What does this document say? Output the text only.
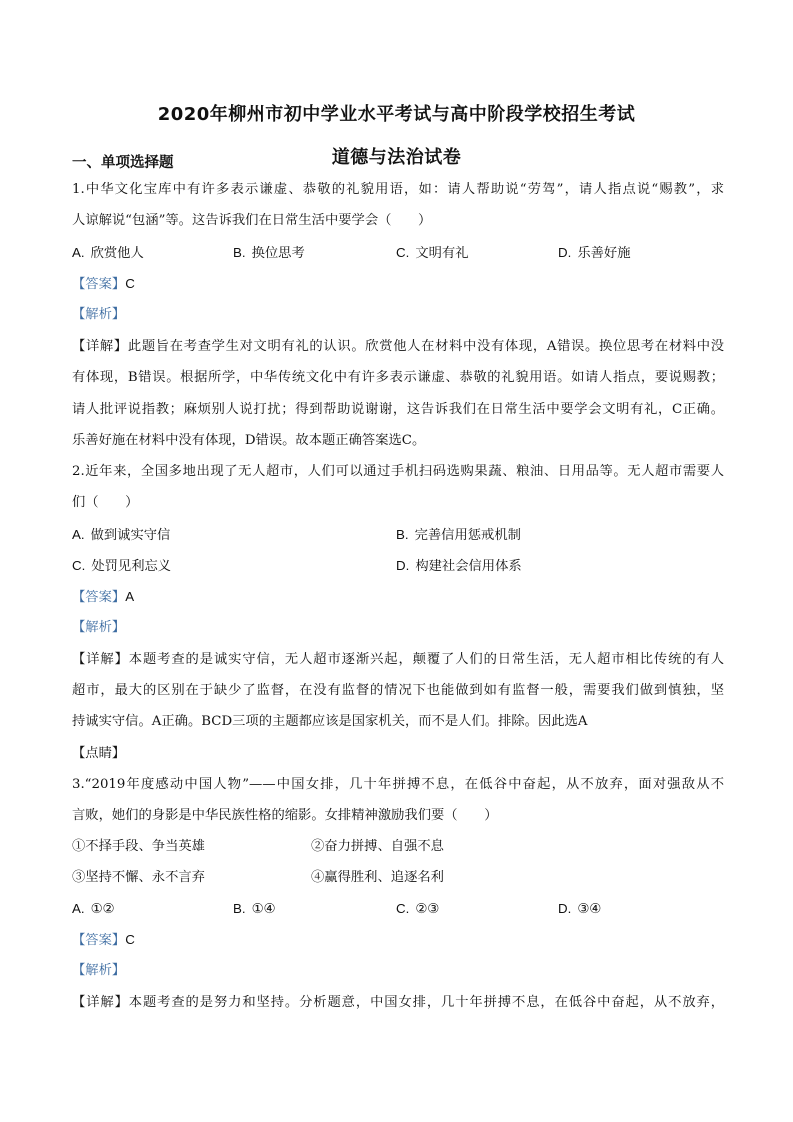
2020年柳州市初中学业水平考试与高中阶段学校招生考试
道德与法治试卷
一、单项选择题
1.中华文化宝库中有许多表示谦虚、恭敬的礼貌用语，如：请人帮助说“劳驾”，请人指点说“赐教”，求
人谅解说“包涵”等。这告诉我们在日常生活中要学会（　　）
A. 欣赏他人	B. 换位思考	C. 文明有礼	D. 乐善好施
【答案】C
【解析】
【详解】此题旨在考查学生对文明有礼的认识。欣赏他人在材料中没有体现，A错误。换位思考在材料中没
有体现，B错误。根据所学，中华传统文化中有许多表示谦虚、恭敬的礼貌用语。如请人指点，要说赐教；
请人批评说指教；麻烦别人说打扰；得到帮助说谢谢，这告诉我们在日常生活中要学会文明有礼，C正确。
乐善好施在材料中没有体现，D错误。故本题正确答案选C。
2.近年来，全国多地出现了无人超市，人们可以通过手机扫码选购果蔬、粮油、日用品等。无人超市需要人
们（　　）
A. 做到诚实守信	B. 完善信用惩戒机制
C. 处罚见利忘义	D. 构建社会信用体系
【答案】A
【解析】
【详解】本题考查的是诚实守信，无人超市逐渐兴起，颠覆了人们的日常生活，无人超市相比传统的有人
超市，最大的区别在于缺少了监督，在没有监督的情况下也能做到如有监督一般，需要我们做到慎独，坚
持诚实守信。A正确。BCD三项的主题都应该是国家机关，而不是人们。排除。因此选A
【点睛】
3.“2019年度感动中国人物”——中国女排，几十年拼搏不息，在低谷中奋起，从不放弃，面对强敌从不
言败，她们的身影是中华民族性格的缩影。女排精神激励我们要（　　）
①不择手段、争当英雄	②奋力拼搏、自强不息
③坚持不懈、永不言弃	④赢得胜利、追逐名利
A. ①②	B. ①④	C. ②③	D. ③④
【答案】C
【解析】
【详解】本题考查的是努力和坚持。分析题意，中国女排，几十年拼搏不息，在低谷中奋起，从不放弃，
